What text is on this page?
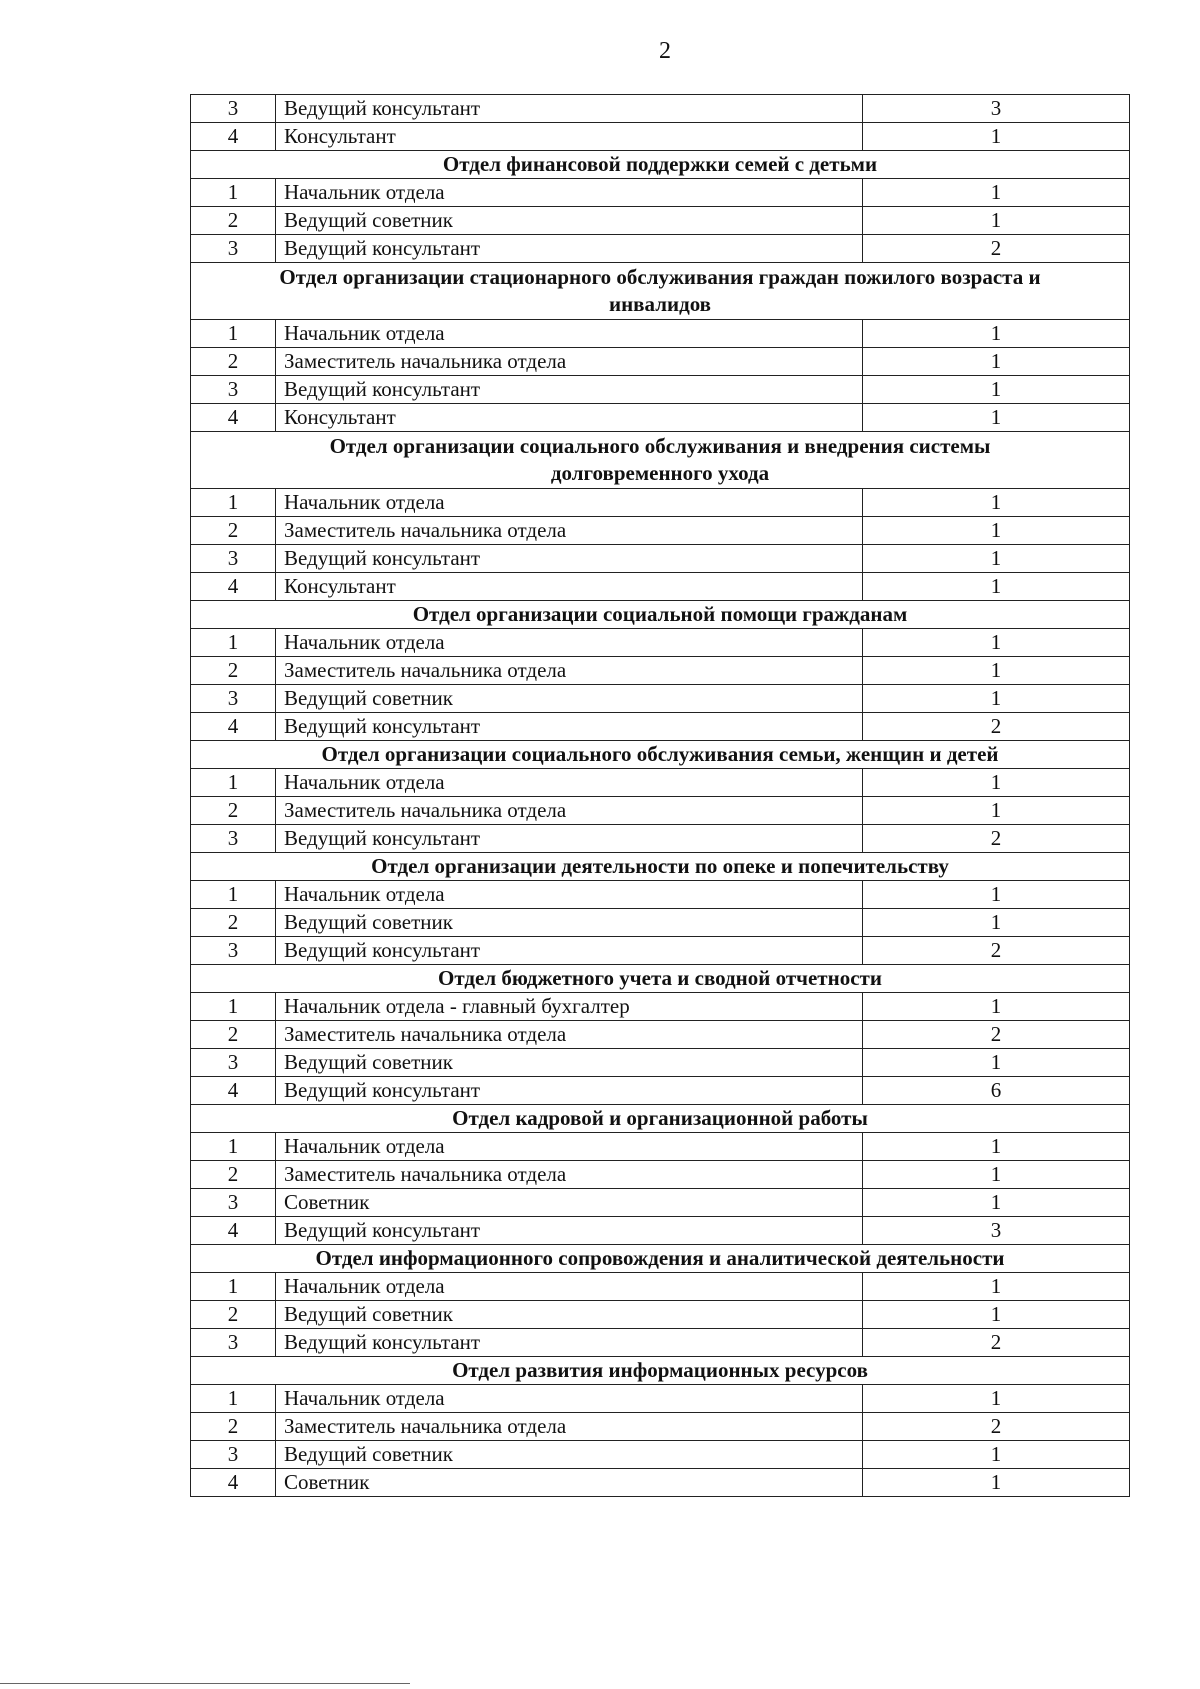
2
3	Ведущий консультант	3
4	Консультант	1

Отдел финансовой поддержки семей с детьми		

1	Начальник отдела	1
2	Ведущий советник	1
3	Ведущий консультант	2

Отдел организации стационарного обслуживания граждан пожилого возраста и
инвалидов		

1	Начальник отдела	1
2	Заместитель начальника отдела	1
3	Ведущий консультант	1
4	Консультант	1

Отдел организации социального обслуживания и внедрения системы
долговременного ухода		

1	Начальник отдела	1
2	Заместитель начальника отдела	1
3	Ведущий консультант	1
4	Консультант	1

Отдел организации социальной помощи гражданам		

1	Начальник отдела	1
2	Заместитель начальника отдела	1
3	Ведущий советник	1
4	Ведущий консультант	2

Отдел организации социального обслуживания семьи, женщин и детей		

1	Начальник отдела	1
2	Заместитель начальника отдела	1
3	Ведущий консультант	2

Отдел организации деятельности по опеке и попечительству		

1	Начальник отдела	1
2	Ведущий советник	1
3	Ведущий консультант	2

Отдел бюджетного учета и сводной отчетности		

1	Начальник отдела - главный бухгалтер	1
2	Заместитель начальника отдела	2
3	Ведущий советник	1
4	Ведущий консультант	6

Отдел кадровой и организационной работы		

1	Начальник отдела	1
2	Заместитель начальника отдела	1
3	Советник	1
4	Ведущий консультант	3

Отдел информационного сопровождения и аналитической деятельности		

1	Начальник отдела	1
2	Ведущий советник	1
3	Ведущий консультант	2

Отдел развития информационных ресурсов		

1	Начальник отдела	1
2	Заместитель начальника отдела	2
3	Ведущий советник	1
4	Советник	1
